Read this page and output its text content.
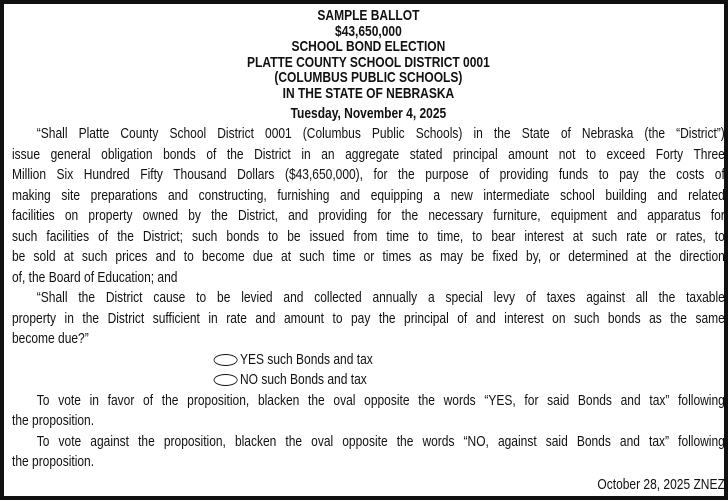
SAMPLE BALLOT
$43,650,000
SCHOOL BOND ELECTION
PLATTE COUNTY SCHOOL DISTRICT 0001
(COLUMBUS PUBLIC SCHOOLS)
IN THE STATE OF NEBRASKA
Tuesday, November 4, 2025
“Shall Platte County School District 0001 (Columbus Public Schools) in the State of Nebraska (the “District”)
issue general obligation bonds of the District in an aggregate stated principal amount not to exceed Forty Three
Million Six Hundred Fifty Thousand Dollars ($43,650,000), for the purpose of providing funds to pay the costs of
making site preparations and constructing, furnishing and equipping a new intermediate school building and related
facilities on property owned by the District, and providing for the necessary furniture, equipment and apparatus for
such facilities of the District; such bonds to be issued from time to time, to bear interest at such rate or rates, to
be sold at such prices and to become due at such time or times as may be fixed by, or determined at the direction
of, the Board of Education; and
“Shall the District cause to be levied and collected annually a special levy of taxes against all the taxable
property in the District sufficient in rate and amount to pay the principal of and interest on such bonds as the same
become due?”
YES such Bonds and tax
NO such Bonds and tax
To vote in favor of the proposition, blacken the oval opposite the words “YES, for said Bonds and tax” following
the proposition.
To vote against the proposition, blacken the oval opposite the words “NO, against said Bonds and tax” following
the proposition.
October 28, 2025 ZNEZ
